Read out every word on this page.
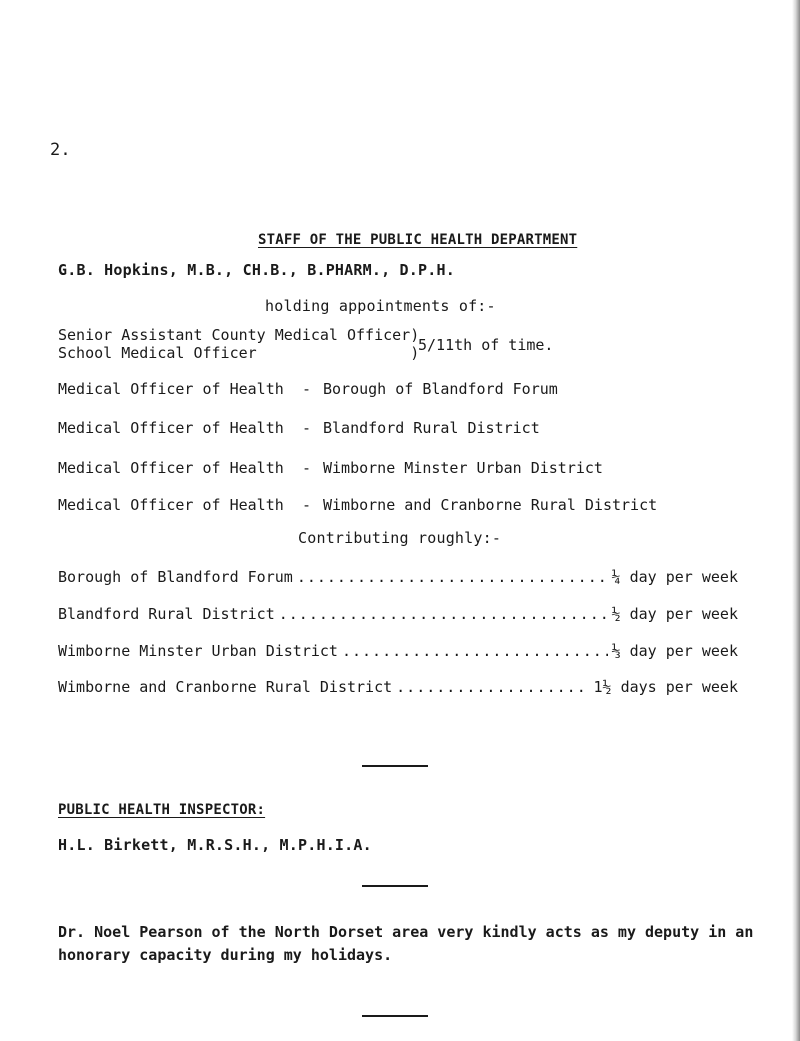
2.
STAFF OF THE PUBLIC HEALTH DEPARTMENT
G.B. Hopkins, M.B., CH.B., B.PHARM., D.P.H.
holding appointments of:-
Senior Assistant County Medical Officer)
School Medical Officer                 )
5/11th of time.
Medical Officer of Health - Borough of Blandford Forum
Medical Officer of Health - Blandford Rural District
Medical Officer of Health - Wimborne Minster Urban District
Medical Officer of Health - Wimborne and Cranborne Rural District
Contributing roughly:-
Borough of Blandford Forum .....	¼ day per week
Blandford Rural District .....	½ day per week
Wimborne Minster Urban District .....	⅓ day per week
Wimborne and Cranborne Rural District .....	1½ days per week
PUBLIC HEALTH INSPECTOR:
H.L. Birkett, M.R.S.H., M.P.H.I.A.
Dr. Noel Pearson of the North Dorset area very kindly acts as my deputy in an
honorary capacity during my holidays.
